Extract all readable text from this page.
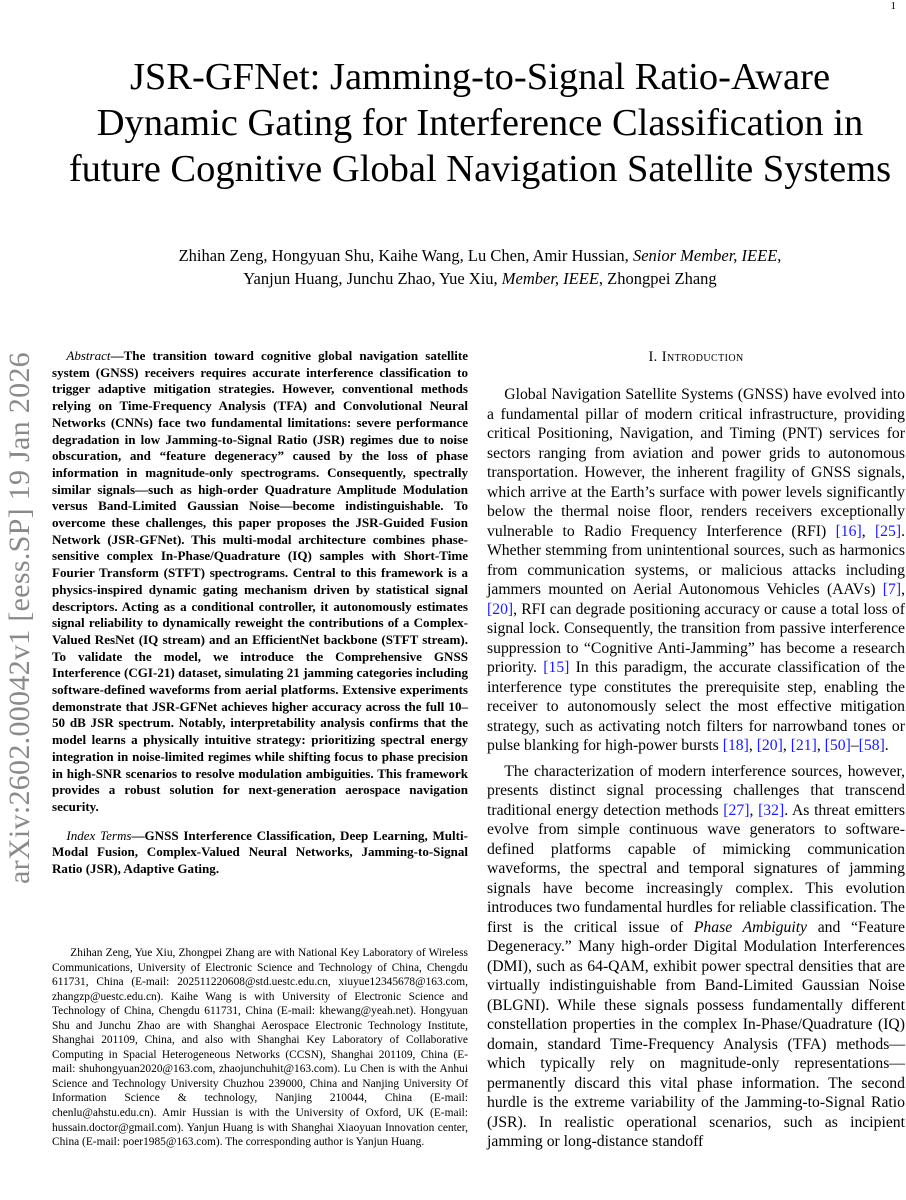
1
arXiv:2602.00042v1 [eess.SP] 19 Jan 2026
JSR-GFNet: Jamming-to-Signal Ratio-Aware Dynamic Gating for Interference Classification in future Cognitive Global Navigation Satellite Systems
Zhihan Zeng, Hongyuan Shu, Kaihe Wang, Lu Chen, Amir Hussian, Senior Member, IEEE,
Yanjun Huang, Junchu Zhao, Yue Xiu, Member, IEEE, Zhongpei Zhang

Abstract—The transition toward cognitive global navigation satellite system (GNSS) receivers requires accurate interference classification to trigger adaptive mitigation strategies. However, conventional methods relying on Time-Frequency Analysis (TFA) and Convolutional Neural Networks (CNNs) face two fundamental limitations: severe performance degradation in low Jamming-to-Signal Ratio (JSR) regimes due to noise obscuration, and “feature degeneracy” caused by the loss of phase information in magnitude-only spectrograms. Consequently, spectrally similar signals—such as high-order Quadrature Amplitude Modulation versus Band-Limited Gaussian Noise—become indistinguishable. To overcome these challenges, this paper proposes the JSR-Guided Fusion Network (JSR-GFNet). This multi-modal architecture combines phase-sensitive complex In-Phase/Quadrature (IQ) samples with Short-Time Fourier Transform (STFT) spectrograms. Central to this framework is a physics-inspired dynamic gating mechanism driven by statistical signal descriptors. Acting as a conditional controller, it autonomously estimates signal reliability to dynamically reweight the contributions of a Complex-Valued ResNet (IQ stream) and an EfficientNet backbone (STFT stream). To validate the model, we introduce the Comprehensive GNSS Interference (CGI-21) dataset, simulating 21 jamming categories including software-defined waveforms from aerial platforms. Extensive experiments demonstrate that JSR-GFNet achieves higher accuracy across the full 10–50 dB JSR spectrum. Notably, interpretability analysis confirms that the model learns a physically intuitive strategy: prioritizing spectral energy integration in noise-limited regimes while shifting focus to phase precision in high-SNR scenarios to resolve modulation ambiguities. This framework provides a robust solution for next-generation aerospace navigation security.

Index Terms—GNSS Interference Classification, Deep Learning, Multi-Modal Fusion, Complex-Valued Neural Networks, Jamming-to-Signal Ratio (JSR), Adaptive Gating.

Zhihan Zeng, Yue Xiu, Zhongpei Zhang are with National Key Laboratory of Wireless Communications, University of Electronic Science and Technology of China, Chengdu 611731, China (E-mail: 202511220608@std.uestc.edu.cn, xiuyue12345678@163.com, zhangzp@uestc.edu.cn). Kaihe Wang is with University of Electronic Science and Technology of China, Chengdu 611731, China (E-mail: khewang@yeah.net). Hongyuan Shu and Junchu Zhao are with Shanghai Aerospace Electronic Technology Institute, Shanghai 201109, China, and also with Shanghai Key Laboratory of Collaborative Computing in Spacial Heterogeneous Networks (CCSN), Shanghai 201109, China (E-mail: shuhongyuan2020@163.com, zhaojunchuhit@163.com). Lu Chen is with the Anhui Science and Technology University Chuzhou 239000, China and Nanjing University Of Information Science & technology, Nanjing 210044, China (E-mail: chenlu@ahstu.edu.cn). Amir Hussian is with the University of Oxford, UK (E-mail: hussain.doctor@gmail.com). Yanjun Huang is with Shanghai Xiaoyuan Innovation center, China (E-mail: poer1985@163.com). The corresponding author is Yanjun Huang.
I. Introduction

Global Navigation Satellite Systems (GNSS) have evolved into a fundamental pillar of modern critical infrastructure, providing critical Positioning, Navigation, and Timing (PNT) services for sectors ranging from aviation and power grids to autonomous transportation. However, the inherent fragility of GNSS signals, which arrive at the Earth’s surface with power levels significantly below the thermal noise floor, renders receivers exceptionally vulnerable to Radio Frequency Interference (RFI) [16], [25]. Whether stemming from unintentional sources, such as harmonics from communication systems, or malicious attacks including jammers mounted on Aerial Autonomous Vehicles (AAVs) [7], [20], RFI can degrade positioning accuracy or cause a total loss of signal lock. Consequently, the transition from passive interference suppression to “Cognitive Anti-Jamming” has become a research priority. [15] In this paradigm, the accurate classification of the interference type constitutes the prerequisite step, enabling the receiver to autonomously select the most effective mitigation strategy, such as activating notch filters for narrowband tones or pulse blanking for high-power bursts [18], [20], [21], [50]–[58].

The characterization of modern interference sources, however, presents distinct signal processing challenges that transcend traditional energy detection methods [27], [32]. As threat emitters evolve from simple continuous wave generators to software-defined platforms capable of mimicking communication waveforms, the spectral and temporal signatures of jamming signals have become increasingly complex. This evolution introduces two fundamental hurdles for reliable classification. The first is the critical issue of Phase Ambiguity and “Feature Degeneracy.” Many high-order Digital Modulation Interferences (DMI), such as 64-QAM, exhibit power spectral densities that are virtually indistinguishable from Band-Limited Gaussian Noise (BLGNI). While these signals possess fundamentally different constellation properties in the complex In-Phase/Quadrature (IQ) domain, standard Time-Frequency Analysis (TFA) methods—which typically rely on magnitude-only representations—permanently discard this vital phase information. The second hurdle is the extreme variability of the Jamming-to-Signal Ratio (JSR). In realistic operational scenarios, such as incipient jamming or long-distance standoff
